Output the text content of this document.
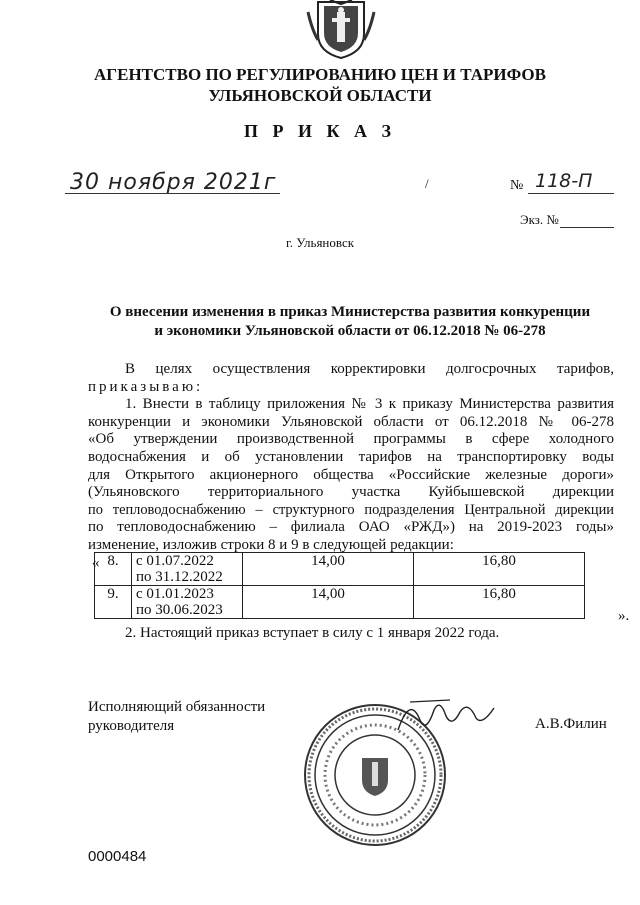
АГЕНТСТВО ПО РЕГУЛИРОВАНИЮ ЦЕН И ТАРИФОВ
УЛЬЯНОВСКОЙ ОБЛАСТИ
П Р И К А З
30 ноября 2021г	/	№ 118-П
Экз. №
г. Ульяновск
О внесении изменения в приказ Министерства развития конкуренции
и экономики Ульяновской области от 06.12.2018 № 06-278
В целях осуществления корректировки долгосрочных тарифов,
приказываю:
1. Внести в таблицу приложения № 3 к приказу Министерства развития
конкуренции и экономики Ульяновской области от 06.12.2018 № 06-278
«Об утверждении производственной программы в сфере холодного
водоснабжения и об установлении тарифов на транспортировку воды
для Открытого акционерного общества «Российские железные дороги»
(Ульяновского территориального участка Куйбышевской дирекции
по тепловодоснабжению – структурного подразделения Центральной дирекции
по тепловодоснабжению – филиала ОАО «РЖД») на 2019-2023 годы»
изменение, изложив строки 8 и 9 в следующей редакции:
« 8.	с 01.07.2022
по 31.12.2022	14,00	16,80
9.	с 01.01.2023
по 30.06.2023	14,00	16,80
».
2. Настоящий приказ вступает в силу с 1 января 2022 года.
Исполняющий обязанности
руководителя	А.В.Филин
0000484
